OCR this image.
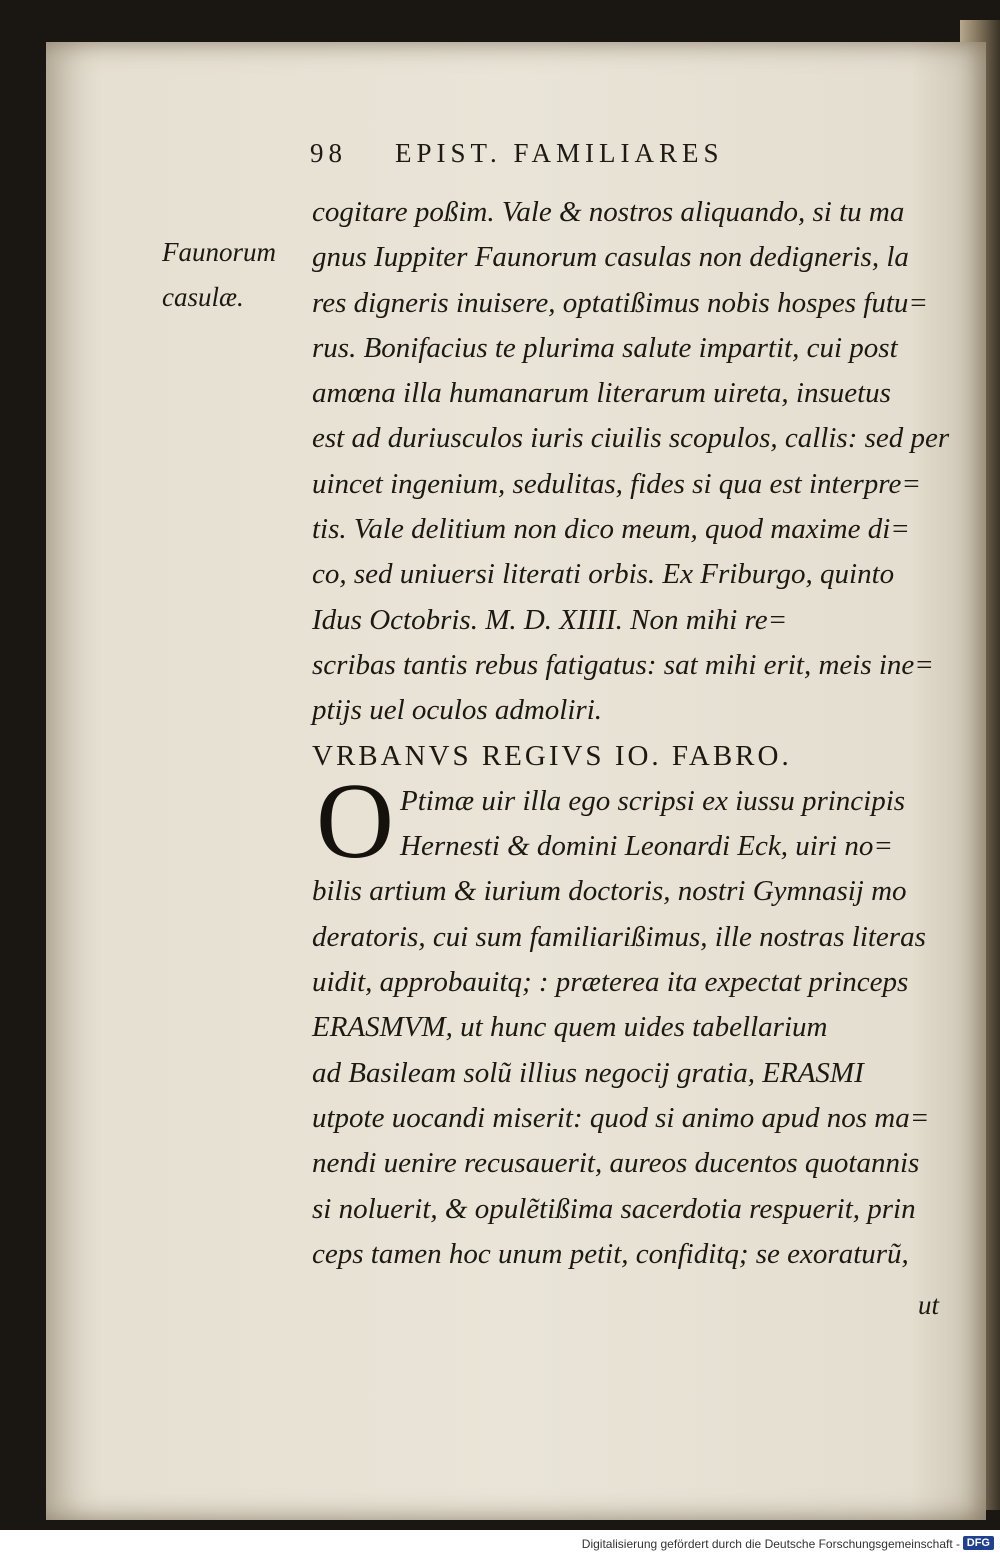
98 EPIST. FAMILIARES
Faunorum
casulæ.
O
cogitare poßim. Vale & nostros aliquando, si tu ma
gnus Iuppiter Faunorum casulas non dedigneris, la
res digneris inuisere, optatißimus nobis hospes futu=
rus. Bonifacius te plurima salute impartit, cui post
amœna illa humanarum literarum uireta, insuetus
est ad duriusculos iuris ciuilis scopulos, callis: sed per
uincet ingenium, sedulitas, fides si qua est interpre=
tis. Vale delitium non dico meum, quod maxime di=
co, sed uniuersi literati orbis. Ex Friburgo, quinto
Idus Octobris. M. D. XIIII. Non mihi re=
scribas tantis rebus fatigatus: sat mihi erit, meis ine=
ptijs uel oculos admoliri.
VRBANVS REGIVS IO. FABRO.
Ptimæ uir illa ego scripsi ex iussu principis
Hernesti & domini Leonardi Eck, uiri no=
bilis artium & iurium doctoris, nostri Gymnasij mo
deratoris, cui sum familiarißimus, ille nostras literas
uidit, approbauitq; : præterea ita expectat princeps
ERASMVM, ut hunc quem uides tabellarium
ad Basileam solũ illius negocij gratia, ERASMI
utpote uocandi miserit: quod si animo apud nos ma=
nendi uenire recusauerit, aureos ducentos quotannis
si noluerit, & opulẽtißima sacerdotia respuerit, prin
ceps tamen hoc unum petit, confiditq; se exoraturũ,
ut
Digitalisierung gefördert durch die Deutsche Forschungsgemeinschaft - DFG
